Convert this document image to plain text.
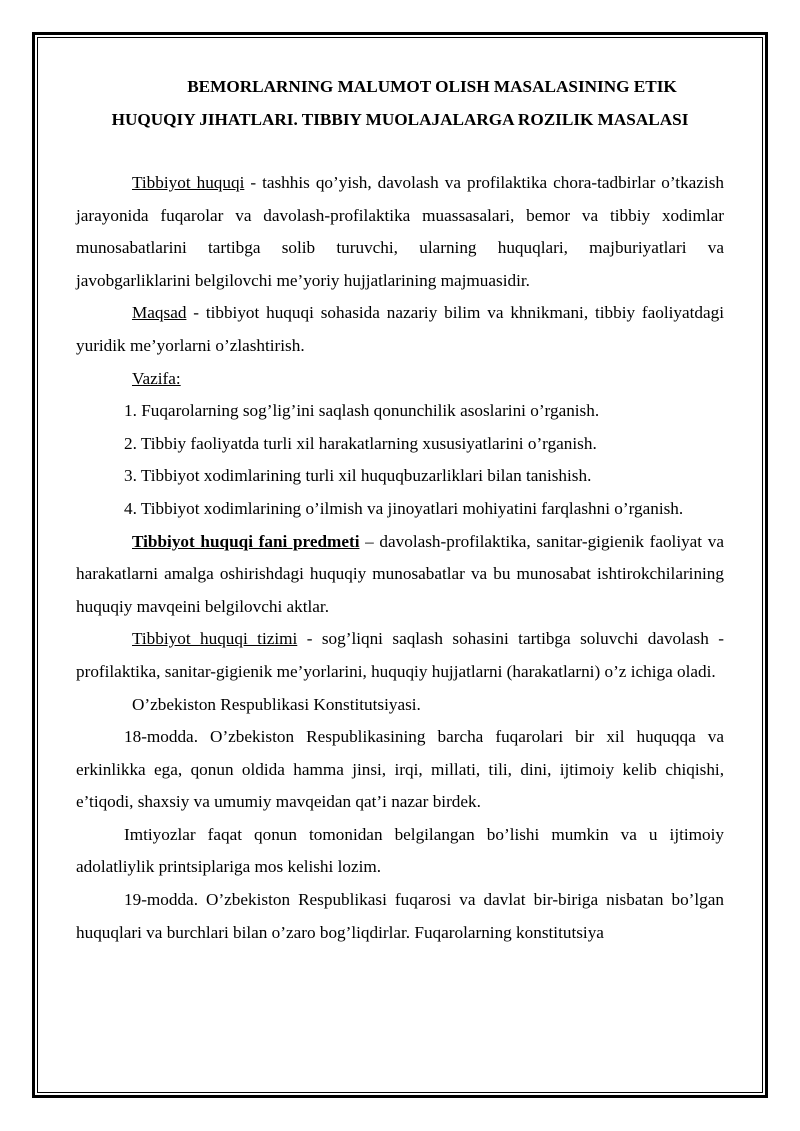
BEMORLARNING MALUMOT OLISH MASALASINING ETIK
HUQUQIY JIHATLARI. TIBBIY MUOLAJALARGA ROZILIK MASALASI

Tibbiyot huquqi - tashhis qo’yish, davolash va profilaktika chora-tadbirlar o’tkazish jarayonida fuqarolar va davolash-profilaktika muassasalari, bemor va tibbiy xodimlar munosabatlarini tartibga solib turuvchi, ularning huquqlari, majburiyatlari va javobgarliklarini belgilovchi me’yoriy hujjatlarining majmuasidir.

Maqsad - tibbiyot huquqi sohasida nazariy bilim va khnikmani, tibbiy faoliyatdagi yuridik me’yorlarni o’zlashtirish.

Vazifa:

1. Fuqarolarning sog’lig’ini saqlash qonunchilik asoslarini o’rganish.

2. Tibbiy faoliyatda turli xil harakatlarning xususiyatlarini o’rganish.

3. Tibbiyot xodimlarining turli xil huquqbuzarliklari bilan tanishish.

4. Tibbiyot xodimlarining o’ilmish va jinoyatlari mohiyatini farqlashni o’rganish.

Tibbiyot huquqi fani predmeti – davolash-profilaktika, sanitar-gigienik faoliyat va harakatlarni amalga oshirishdagi huquqiy munosabatlar va bu munosabat ishtirokchilarining huquqiy mavqeini belgilovchi aktlar.

Tibbiyot huquqi tizimi - sog’liqni saqlash sohasini tartibga soluvchi davolash - profilaktika, sanitar-gigienik me’yorlarini, huquqiy hujjatlarni (harakatlarni) o’z ichiga oladi.

O’zbekiston Respublikasi Konstitutsiyasi.

18-modda. O’zbekiston Respublikasining barcha fuqarolari bir xil huquqqa va erkinlikka ega, qonun oldida hamma jinsi, irqi, millati, tili, dini, ijtimoiy kelib chiqishi, e’tiqodi, shaxsiy va umumiy mavqeidan qat’i nazar birdek.

Imtiyozlar faqat qonun tomonidan belgilangan bo’lishi mumkin va u ijtimoiy adolatliylik printsiplariga mos kelishi lozim.

19-modda. O’zbekiston Respublikasi fuqarosi va davlat bir-biriga nisbatan bo’lgan huquqlari va burchlari bilan o’zaro bog’liqdirlar. Fuqarolarning konstitutsiya
